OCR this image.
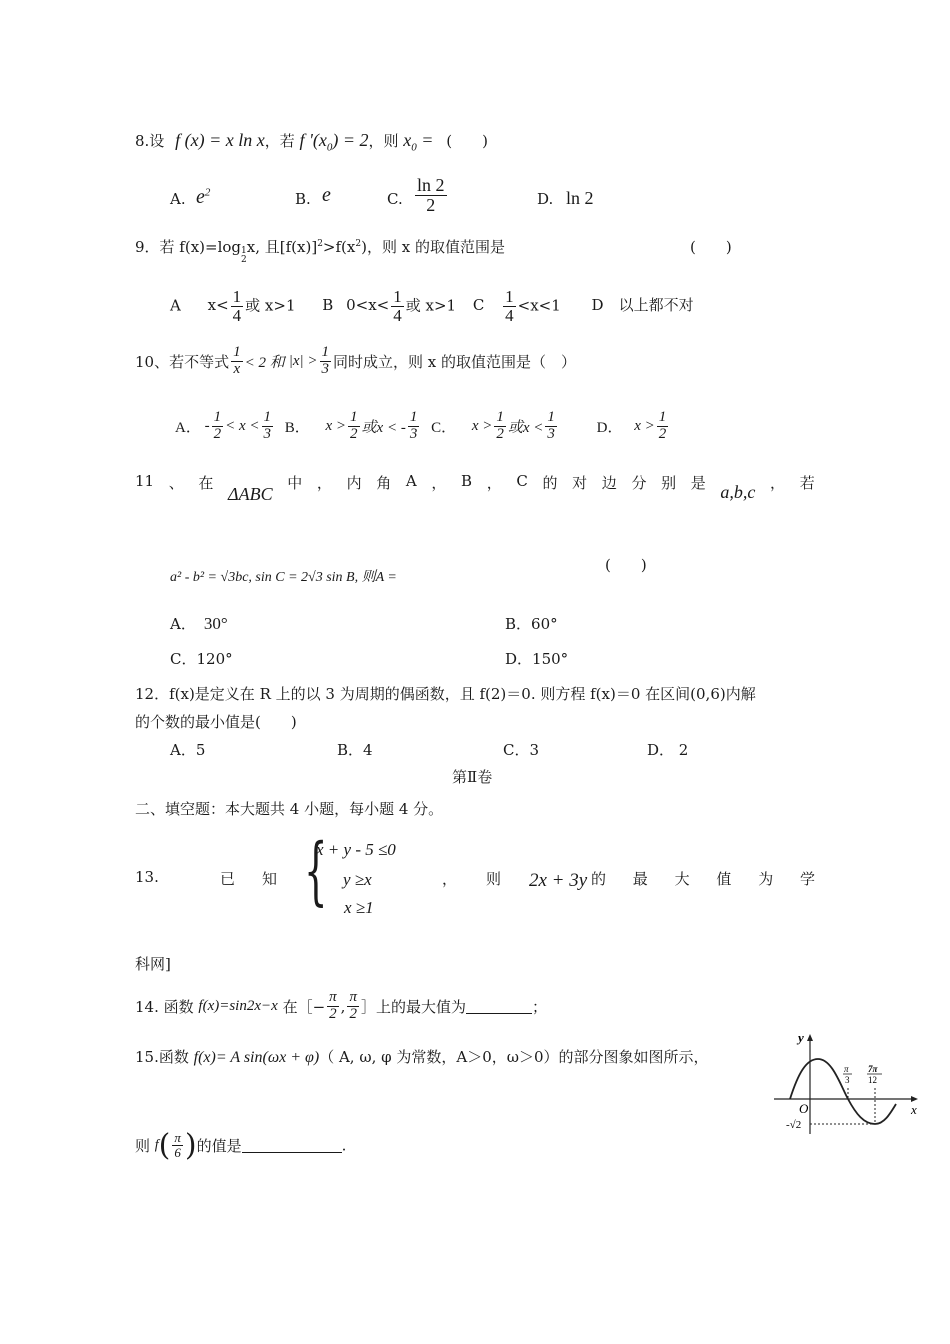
8.设 f (x) = x ln x，若 f '$(x_0) = 2$，则 $x_0$ = (　　)
A. $e^2$	B. e	C. $\frac{\ln 2}{2}$	D. ln 2
9．若 f(x)=log 1
2
x, 且$[f(x)]^2>f(x^2)$，则 x 的取值范围是	(　　)
A $x< \frac{1}{4}$ 或 x>1 B $0<x< \frac{1}{4}$ 或 x>1 C $\frac{1}{4} <x<1$ D　以上都不对
10、若不等式 $\frac{1}{x} < 2$ 和 $|x| > \frac{1}{3}$ 同时成立，则 x 的取值范围是（　）
A． - $\frac{1}{2} < x < \frac{1}{3}$ B． $x > \frac{1}{2}$ 或x < - $\frac{1}{3}$ C． $x > \frac{1}{2}$ 或$x < \frac{1}{3}$	D． $x > \frac{1}{2}$
11 、 在
ΔABC
中 ， 内 角 A ， B ， C 的 对 边 分 别 是 a,b,c ， 若
a² - b² = √3bc, sin C = 2√3 sin B, 则A =
(　　)
A． 30°	B．60°
C．120°	D．150°
12．f(x)是定义在 R 上的以 3 为周期的偶函数，且 f(2)＝0. 则方程 f(x)＝0 在区间(0,6)内解
的个数的最小值是(　　)
A．5	B．4	C．3	D． 2
第Ⅱ卷
二、填空题：本大题共 4 小题，每小题 4 分。
13.	已 知 {
x + y - 5 ≤0
y ≥x
x ≥1
， 则 2x + 3y 的 最 大 值 为 学
科网]
14. 函数 f(x)=sin2x−x 在［− $\frac{\pi}{2}$ , $\frac{\pi}{2}$ ］上的最大值为	；
15.函数 f(x)= A sin(ωx + φ)（ A, ω, φ 为常数，A＞0，ω＞0）的部分图象如图所示，
则 $f( \frac{\pi}{6}$ )的值是	.
y
x
O
π
3
7π
12
-√2
